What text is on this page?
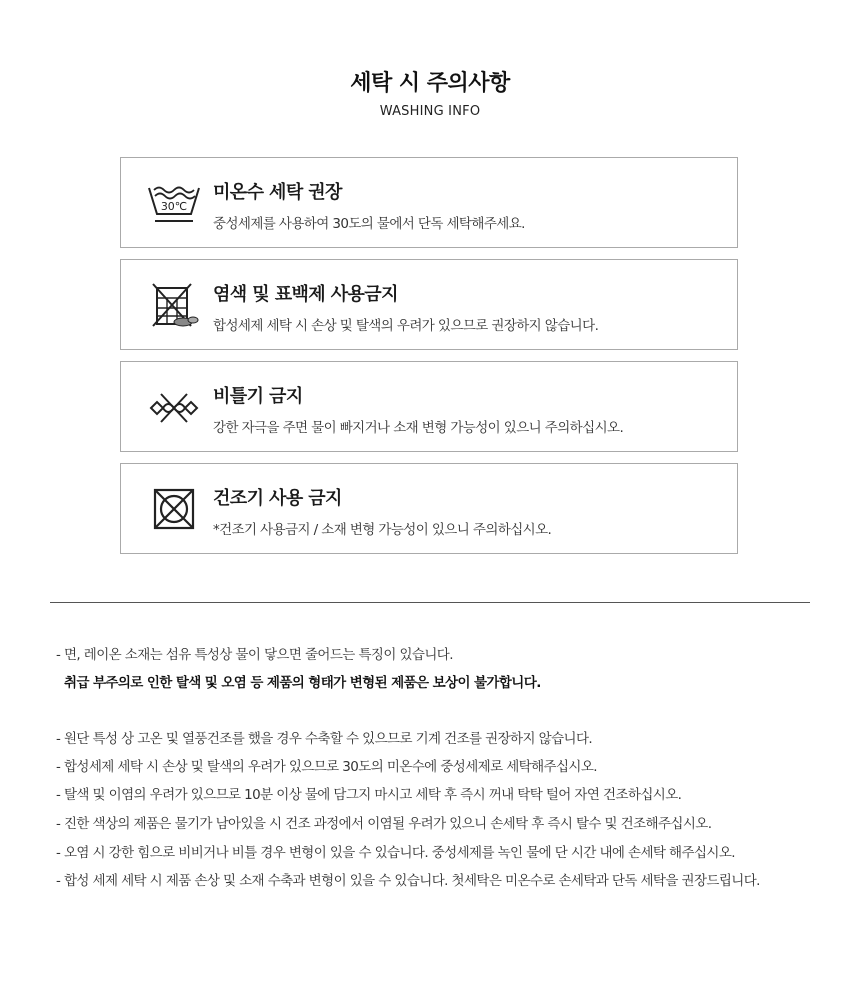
세탁 시 주의사항
WASHING INFO
30℃
미온수 세탁 권장
중성세제를 사용하여 30도의 물에서 단독 세탁해주세요.
염색 및 표백제 사용금지
합성세제 세탁 시 손상 및 탈색의 우려가 있으므로 권장하지 않습니다.
비틀기 금지
강한 자극을 주면 물이 빠지거나 소재 변형 가능성이 있으니 주의하십시오.
건조기 사용 금지
*건조기 사용금지 / 소재 변형 가능성이 있으니 주의하십시오.
- 면, 레이온 소재는 섬유 특성상 물이 닿으면 줄어드는 특징이 있습니다.
취급 부주의로 인한 탈색 및 오염 등 제품의 형태가 변형된 제품은 보상이 불가합니다.
- 원단 특성 상 고온 및 열풍건조를 했을 경우 수축할 수 있으므로 기계 건조를 권장하지 않습니다.
- 합성세제 세탁 시 손상 및 탈색의 우려가 있으므로 30도의 미온수에 중성세제로 세탁해주십시오.
- 탈색 및 이염의 우려가 있으므로 10분 이상 물에 담그지 마시고 세탁 후 즉시 꺼내 탁탁 털어 자연 건조하십시오.
- 진한 색상의 제품은 물기가 남아있을 시 건조 과정에서 이염될 우려가 있으니 손세탁 후 즉시 탈수 및 건조해주십시오.
- 오염 시 강한 힘으로 비비거나 비틀 경우 변형이 있을 수 있습니다. 중성세제를 녹인 물에 단 시간 내에 손세탁 해주십시오.
- 합성 세제 세탁 시 제품 손상 및 소재 수축과 변형이 있을 수 있습니다. 첫세탁은 미온수로 손세탁과 단독 세탁을 권장드립니다.
